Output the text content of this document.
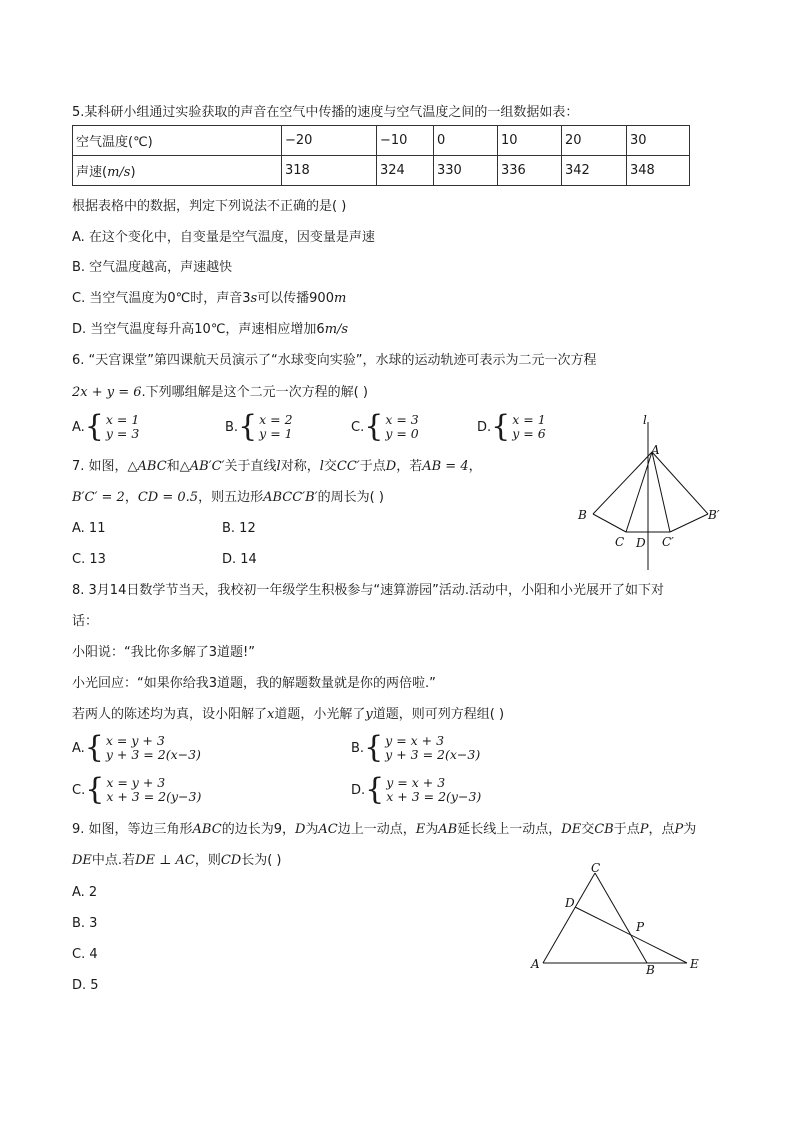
5.某科研小组通过实验获取的声音在空气中传播的速度与空气温度之间的一组数据如表：
空气温度(℃)	−20	−10	0	10	20	30
声速(m/s)	318	324	330	336	342	348
根据表格中的数据，判定下列说法不正确的是( )
A. 在这个变化中，自变量是空气温度，因变量是声速
B. 空气温度越高，声速越快
C. 当空气温度为0℃时，声音3s可以传播900m
D. 当空气温度每升高10℃，声速相应增加6m/s
6. “天宫课堂”第四课航天员演示了“水球变向实验”，水球的运动轨迹可表示为二元一次方程
2x + y = 6.下列哪组解是这个二元一次方程的解( )
A. { x = 1
y = 3	B. { x = 2
y = 1	C. { x = 3
y = 0	D. { x = 1
y = 6
7. 如图，△ABC和△AB′C′关于直线l对称，l交CC′于点D，若AB = 4，
B′C′ = 2，CD = 0.5，则五边形ABCC′B′的周长为( )
A. 11	B. 12
C. 13	D. 14
l
A
B	B′
C D C′
8. 3月14日数学节当天，我校初一年级学生积极参与“速算游园”活动.活动中，小阳和小光展开了如下对
话：
小阳说：“我比你多解了3道题!”
小光回应：“如果你给我3道题，我的解题数量就是你的两倍啦.”
若两人的陈述均为真，设小阳解了x道题，小光解了y道题，则可列方程组( )
A. { x = y + 3
y + 3 = 2(x−3)	B. { y = x + 3
y + 3 = 2(x−3)
C. { x = y + 3
x + 3 = 2(y−3)	D. { y = x + 3
x + 3 = 2(y−3)
9. 如图，等边三角形ABC的边长为9，D为AC边上一动点，E为AB延长线上一动点，DE交CB于点P，点P为
DE中点.若DE ⊥ AC，则CD长为( )
A. 2
B. 3
C. 4
D. 5
C
D
P
A	B	E
